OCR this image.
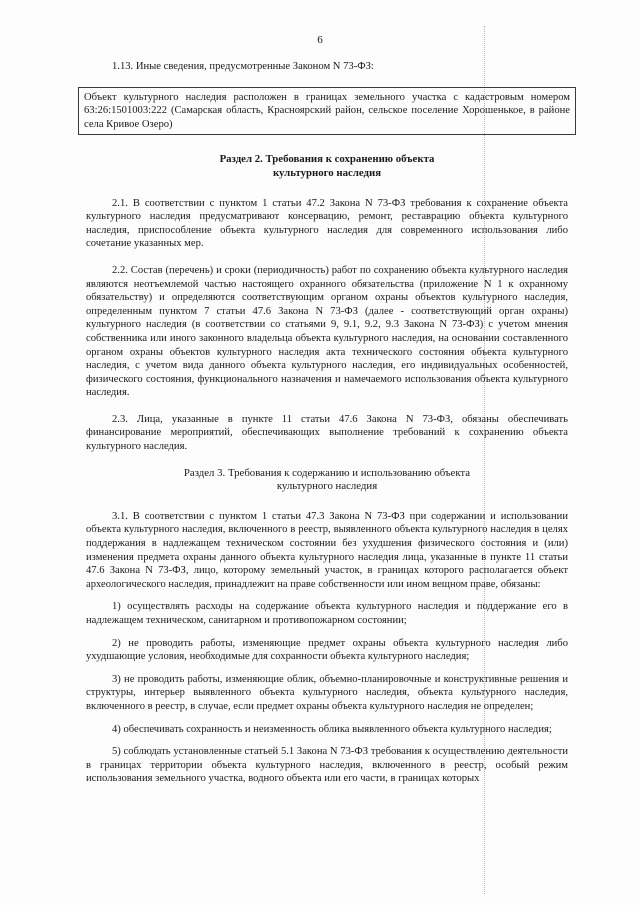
6
1.13. Иные сведения, предусмотренные Законом N 73-ФЗ:
Объект культурного наследия расположен в границах земельного участка с кадастровым номером 63:26:1501003:222 (Самарская область, Красноярский район, сельское поселение Хорошенькое, в районе села Кривое Озеро)
Раздел 2. Требования к сохранению объекта
культурного наследия

2.1. В соответствии с пунктом 1 статьи 47.2 Закона N 73-ФЗ требования к сохранение объекта культурного наследия предусматривают консервацию, ремонт, реставрацию объекта культурного наследия, приспособление объекта культурного наследия для современного использования либо сочетание указанных мер.

2.2. Состав (перечень) и сроки (периодичность) работ по сохранению объекта культурного наследия являются неотъемлемой частью настоящего охранного обязательства (приложение N 1 к охранному обязательству) и определяются соответствующим органом охраны объектов культурного наследия, определенным пунктом 7 статьи 47.6 Закона N 73-ФЗ (далее - соответствующий орган охраны) культурного наследия (в соответствии со статьями 9, 9.1, 9.2, 9.3 Закона N 73-ФЗ) с учетом мнения собственника или иного законного владельца объекта культурного наследия, на основании составленного органом охраны объектов культурного наследия акта технического состояния объекта культурного наследия, с учетом вида данного объекта культурного наследия, его индивидуальных особенностей, физического состояния, функционального назначения и намечаемого использования объекта культурного наследия.

2.3. Лица, указанные в пункте 11 статьи 47.6 Закона N 73-ФЗ, обязаны обеспечивать финансирование мероприятий, обеспечивающих выполнение требований к сохранению объекта культурного наследия.

Раздел 3. Требования к содержанию и использованию объекта
культурного наследия

3.1. В соответствии с пунктом 1 статьи 47.3 Закона N 73-ФЗ при содержании и использовании объекта культурного наследия, включенного в реестр, выявленного объекта культурного наследия в целях поддержания в надлежащем техническом состоянии без ухудшения физического состояния и (или) изменения предмета охраны данного объекта культурного наследия лица, указанные в пункте 11 статьи 47.6 Закона N 73-ФЗ, лицо, которому земельный участок, в границах которого располагается объект археологического наследия, принадлежит на праве собственности или ином вещном праве, обязаны:

1) осуществлять расходы на содержание объекта культурного наследия и поддержание его в надлежащем техническом, санитарном и противопожарном состоянии;

2) не проводить работы, изменяющие предмет охраны объекта культурного наследия либо ухудшающие условия, необходимые для сохранности объекта культурного наследия;

3) не проводить работы, изменяющие облик, объемно-планировочные и конструктивные решения и структуры, интерьер выявленного объекта культурного наследия, объекта культурного наследия, включенного в реестр, в случае, если предмет охраны объекта культурного наследия не определен;

4) обеспечивать сохранность и неизменность облика выявленного объекта культурного наследия;

5) соблюдать установленные статьей 5.1 Закона N 73-ФЗ требования к осуществлению деятельности в границах территории объекта культурного наследия, включенного в реестр, особый режим использования земельного участка, водного объекта или его части, в границах которых
